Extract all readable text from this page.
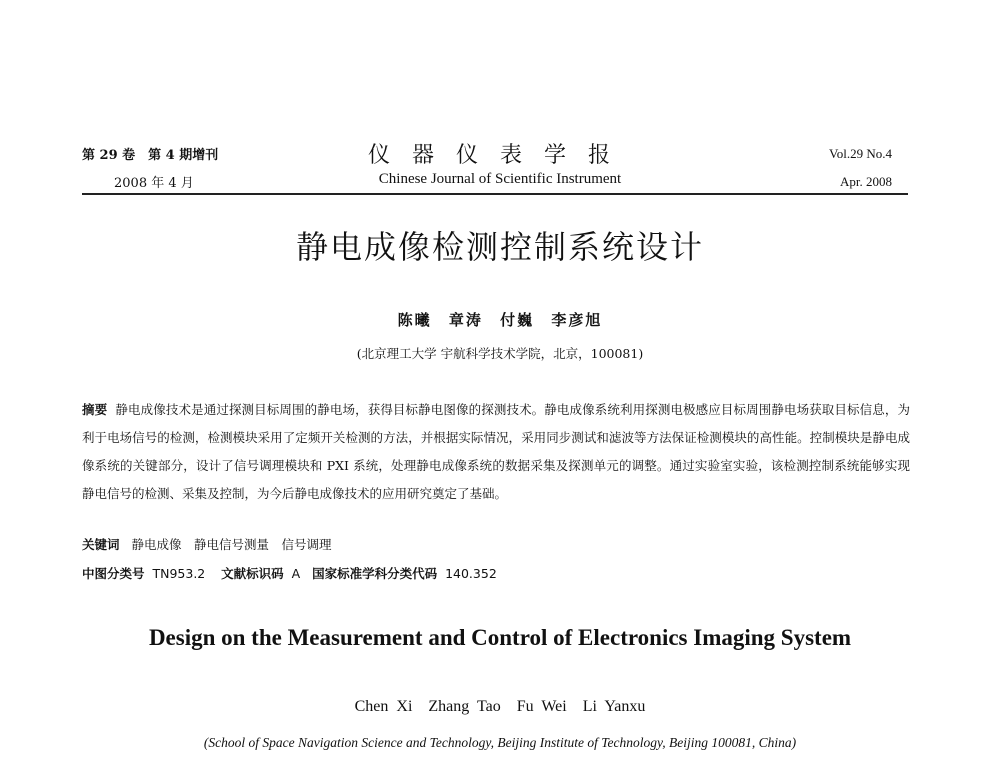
第 29 卷　第 4 期增刊
2008 年 4 月
仪器仪表学报
Chinese Journal of Scientific Instrument
Vol.29 No.4
Apr. 2008
静电成像检测控制系统设计
陈曦 章涛 付巍 李彦旭
(北京理工大学 宇航科学技术学院，北京，100081)
摘要 静电成像技术是通过探测目标周围的静电场，获得目标静电图像的探测技术。静电成像系统利用探测电极感应目标周围静电场获取目标信息，为利于电场信号的检测，检测模块采用了定频开关检测的方法，并根据实际情况，采用同步测试和滤波等方法保证检测模块的高性能。控制模块是静电成像系统的关键部分，设计了信号调理模块和 PXI 系统，处理静电成像系统的数据采集及探测单元的调整。通过实验室实验，该检测控制系统能够实现静电信号的检测、采集及控制，为今后静电成像技术的应用研究奠定了基础。
关键词 静电成像　静电信号测量　信号调理
中图分类号 TN953.2 文献标识码 A 国家标准学科分类代码 140.352
Design on the Measurement and Control of Electronics Imaging System
Chen Xi　Zhang Tao　Fu Wei　Li Yanxu
(School of Space Navigation Science and Technology, Beijing Institute of Technology, Beijing 100081, China)
